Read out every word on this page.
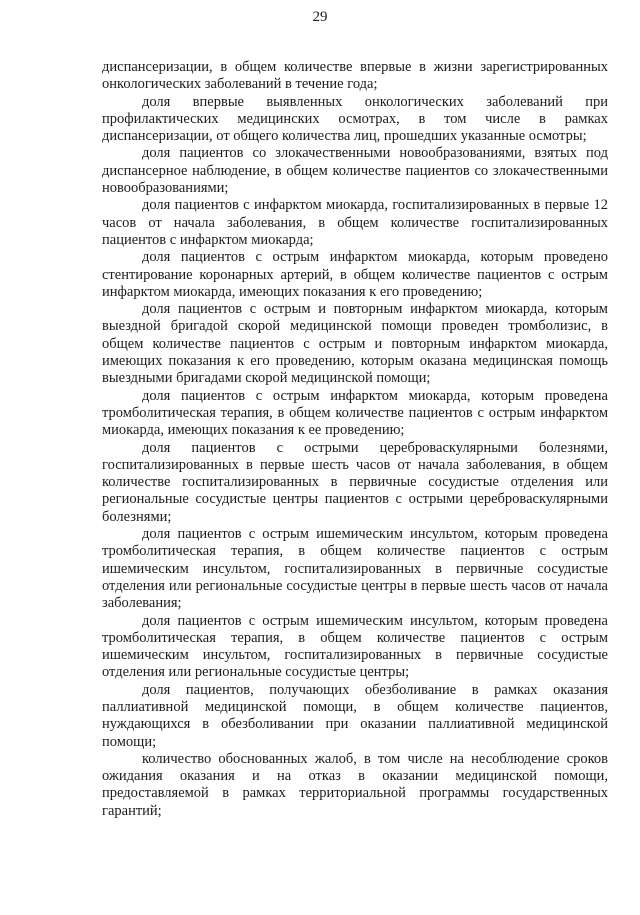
29

диспансеризации, в общем количестве впервые в жизни зарегистрированных онкологических заболеваний в течение года;

доля впервые выявленных онкологических заболеваний при профилактических медицинских осмотрах, в том числе в рамках диспансеризации, от общего количества лиц, прошедших указанные осмотры;

доля пациентов со злокачественными новообразованиями, взятых под диспансерное наблюдение, в общем количестве пациентов со злокачественными новообразованиями;

доля пациентов с инфарктом миокарда, госпитализированных в первые 12 часов от начала заболевания, в общем количестве госпитализированных пациентов с инфарктом миокарда;

доля пациентов с острым инфарктом миокарда, которым проведено стентирование коронарных артерий, в общем количестве пациентов с острым инфарктом миокарда, имеющих показания к его проведению;

доля пациентов с острым и повторным инфарктом миокарда, которым выездной бригадой скорой медицинской помощи проведен тромболизис, в общем количестве пациентов с острым и повторным инфарктом миокарда, имеющих показания к его проведению, которым оказана медицинская помощь выездными бригадами скорой медицинской помощи;

доля пациентов с острым инфарктом миокарда, которым проведена тромболитическая терапия, в общем количестве пациентов с острым инфарктом миокарда, имеющих показания к ее проведению;

доля пациентов с острыми цереброваскулярными болезнями, госпитализированных в первые шесть часов от начала заболевания, в общем количестве госпитализированных в первичные сосудистые отделения или региональные сосудистые центры пациентов с острыми цереброваскулярными болезнями;

доля пациентов с острым ишемическим инсультом, которым проведена тромболитическая терапия, в общем количестве пациентов с острым ишемическим инсультом, госпитализированных в первичные сосудистые отделения или региональные сосудистые центры в первые шесть часов от начала заболевания;

доля пациентов с острым ишемическим инсультом, которым проведена тромболитическая терапия, в общем количестве пациентов с острым ишемическим инсультом, госпитализированных в первичные сосудистые отделения или региональные сосудистые центры;

доля пациентов, получающих обезболивание в рамках оказания паллиативной медицинской помощи, в общем количестве пациентов, нуждающихся в обезболивании при оказании паллиативной медицинской помощи;

количество обоснованных жалоб, в том числе на несоблюдение сроков ожидания оказания и на отказ в оказании медицинской помощи, предоставляемой в рамках территориальной программы государственных гарантий;
